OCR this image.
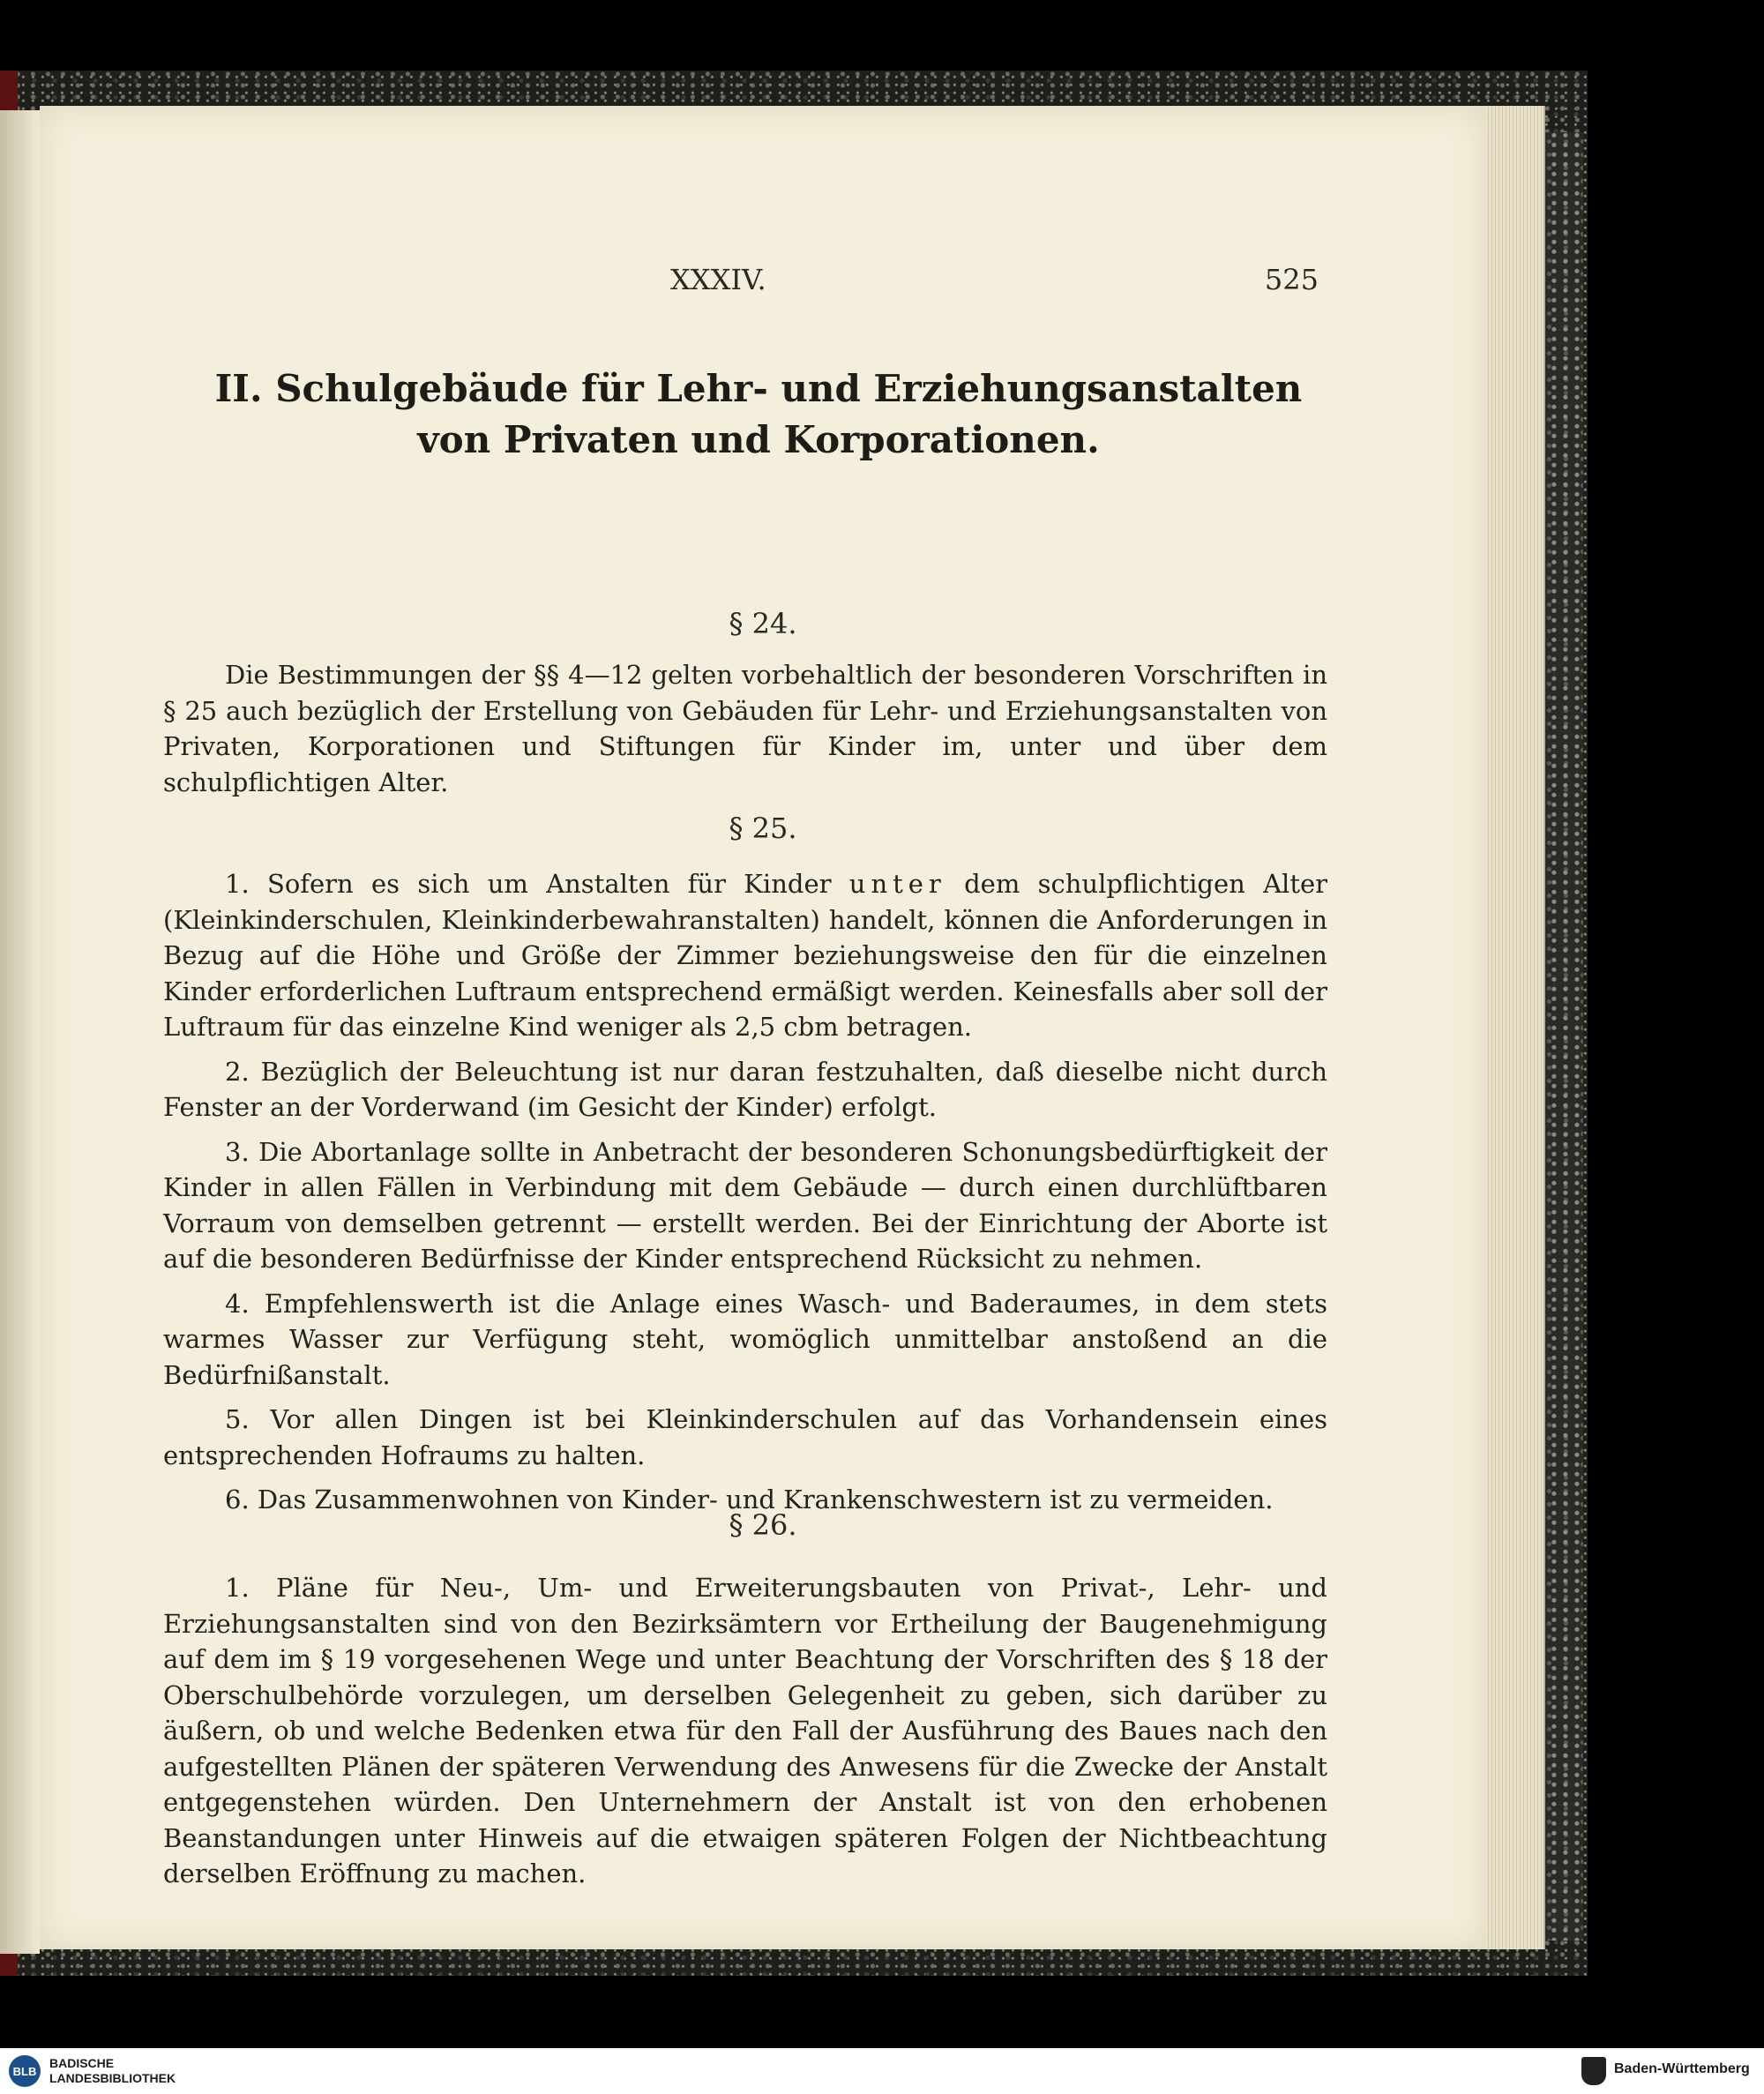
XXXIV.	525
II. Schulgebäude für Lehr- und Erziehungsanstalten von Privaten und Korporationen.
§ 24.

Die Bestimmungen der §§ 4—12 gelten vorbehaltlich der besonderen Vorschriften in § 25 auch bezüglich der Erstellung von Gebäuden für Lehr- und Erziehungsanstalten von Privaten, Korporationen und Stiftungen für Kinder im, unter und über dem schulpflichtigen Alter.

§ 25.

1. Sofern es sich um Anstalten für Kinder unter dem schulpflichtigen Alter (Kleinkinderschulen, Kleinkinderbewahranstalten) handelt, können die Anforderungen in Bezug auf die Höhe und Größe der Zimmer beziehungsweise den für die einzelnen Kinder erforderlichen Luftraum entsprechend ermäßigt werden. Keinesfalls aber soll der Luftraum für das einzelne Kind weniger als 2,5 cbm betragen.

2. Bezüglich der Beleuchtung ist nur daran festzuhalten, daß dieselbe nicht durch Fenster an der Vorderwand (im Gesicht der Kinder) erfolgt.

3. Die Abortanlage sollte in Anbetracht der besonderen Schonungsbedürftigkeit der Kinder in allen Fällen in Verbindung mit dem Gebäude — durch einen durchlüftbaren Vorraum von demselben getrennt — erstellt werden. Bei der Einrichtung der Aborte ist auf die besonderen Bedürfnisse der Kinder entsprechend Rücksicht zu nehmen.

4. Empfehlenswerth ist die Anlage eines Wasch- und Baderaumes, in dem stets warmes Wasser zur Verfügung steht, womöglich unmittelbar anstoßend an die Bedürfnißanstalt.

5. Vor allen Dingen ist bei Kleinkinderschulen auf das Vorhandensein eines entsprechenden Hofraums zu halten.

6. Das Zusammenwohnen von Kinder- und Krankenschwestern ist zu vermeiden.

§ 26.

1. Pläne für Neu-, Um- und Erweiterungsbauten von Privat-, Lehr- und Erziehungsanstalten sind von den Bezirksämtern vor Ertheilung der Baugenehmigung auf dem im § 19 vorgesehenen Wege und unter Beachtung der Vorschriften des § 18 der Oberschulbehörde vorzulegen, um derselben Gelegenheit zu geben, sich darüber zu äußern, ob und welche Bedenken etwa für den Fall der Ausführung des Baues nach den aufgestellten Plänen der späteren Verwendung des Anwesens für die Zwecke der Anstalt entgegenstehen würden. Den Unternehmern der Anstalt ist von den erhobenen Beanstandungen unter Hinweis auf die etwaigen späteren Folgen der Nichtbeachtung derselben Eröffnung zu machen.

BLB
BADISCHE
LANDESBIBLIOTHEK
Baden-Württemberg
